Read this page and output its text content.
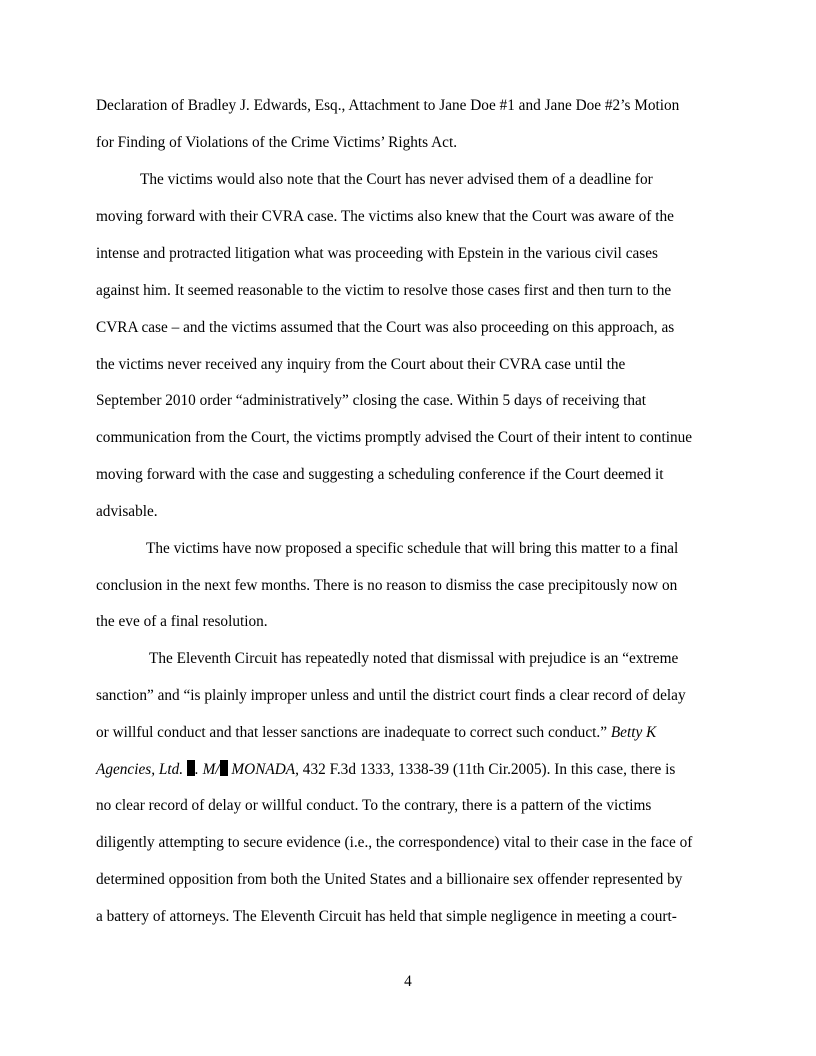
Declaration of Bradley J. Edwards, Esq., Attachment to Jane Doe #1 and Jane Doe #2’s Motion
for Finding of Violations of the Crime Victims’ Rights Act.
The victims would also note that the Court has never advised them of a deadline for
moving forward with their CVRA case. The victims also knew that the Court was aware of the
intense and protracted litigation what was proceeding with Epstein in the various civil cases
against him. It seemed reasonable to the victim to resolve those cases first and then turn to the
CVRA case – and the victims assumed that the Court was also proceeding on this approach, as
the victims never received any inquiry from the Court about their CVRA case until the
September 2010 order “administratively” closing the case. Within 5 days of receiving that
communication from the Court, the victims promptly advised the Court of their intent to continue
moving forward with the case and suggesting a scheduling conference if the Court deemed it
advisable.
The victims have now proposed a specific schedule that will bring this matter to a final
conclusion in the next few months. There is no reason to dismiss the case precipitously now on
the eve of a final resolution.
The Eleventh Circuit has repeatedly noted that dismissal with prejudice is an “extreme
sanction” and “is plainly improper unless and until the district court finds a clear record of delay
or willful conduct and that lesser sanctions are inadequate to correct such conduct.” Betty K
Agencies, Ltd. . M/ MONADA, 432 F.3d 1333, 1338-39 (11th Cir.2005). In this case, there is
no clear record of delay or willful conduct. To the contrary, there is a pattern of the victims
diligently attempting to secure evidence (i.e., the correspondence) vital to their case in the face of
determined opposition from both the United States and a billionaire sex offender represented by
a battery of attorneys. The Eleventh Circuit has held that simple negligence in meeting a court-
4
